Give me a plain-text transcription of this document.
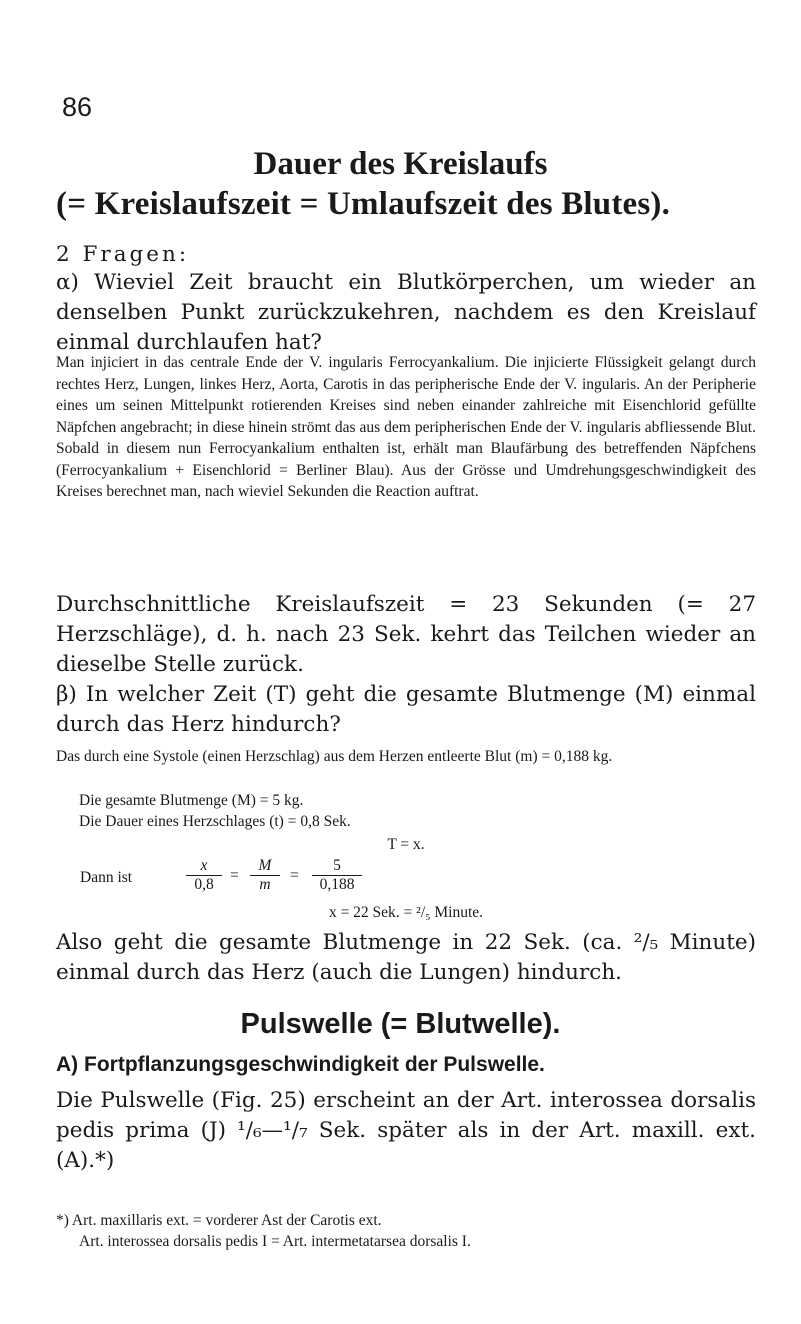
86
Dauer des Kreislaufs
(= Kreislaufszeit = Umlaufszeit des Blutes).
2 Fragen:
α) Wieviel Zeit braucht ein Blutkörperchen, um wieder an denselben Punkt zurückzukehren, nachdem es den Kreislauf einmal durchlaufen hat?
Man injiciert in das centrale Ende der V. ingularis Ferrocyankalium. Die injicierte Flüssigkeit gelangt durch rechtes Herz, Lungen, linkes Herz, Aorta, Carotis in das peripherische Ende der V. ingularis. An der Peripherie eines um seinen Mittelpunkt rotierenden Kreises sind neben einander zahlreiche mit Eisenchlorid gefüllte Näpfchen angebracht; in diese hinein strömt das aus dem peripherischen Ende der V. ingularis abfliessende Blut. Sobald in diesem nun Ferrocyankalium enthalten ist, erhält man Blaufärbung des betreffenden Näpfchens (Ferrocyankalium + Eisenchlorid = Berliner Blau). Aus der Grösse und Umdrehungsgeschwindigkeit des Kreises berechnet man, nach wieviel Sekunden die Reaction auftrat.
Durchschnittliche Kreislaufszeit = 23 Sekunden (= 27 Herzschläge), d. h. nach 23 Sek. kehrt das Teilchen wieder an dieselbe Stelle zurück.
β) In welcher Zeit (T) geht die gesamte Blutmenge (M) einmal durch das Herz hindurch?
Das durch eine Systole (einen Herzschlag) aus dem Herzen entleerte Blut (m) = 0,188 kg.
Die gesamte Blutmenge (M) = 5 kg.
Die Dauer eines Herzschlages (t) = 0,8 Sek.
T = x.
Dann ist	$\frac{x}{0,8} = \frac{M}{m} = \frac{5}{0,188}$
x = 22 Sek. = ²/₅ Minute.
Also geht die gesamte Blutmenge in 22 Sek. (ca. ²/₅ Minute) einmal durch das Herz (auch die Lungen) hindurch.
Pulswelle (= Blutwelle).
A) Fortpflanzungsgeschwindigkeit der Pulswelle.
Die Pulswelle (Fig. 25) erscheint an der Art. interossea dorsalis pedis prima (J) ¹/₆—¹/₇ Sek. später als in der Art. maxill. ext. (A).*)
*) Art. maxillaris ext. = vorderer Ast der Carotis ext.
Art. interossea dorsalis pedis I = Art. intermetatarsea dorsalis I.
